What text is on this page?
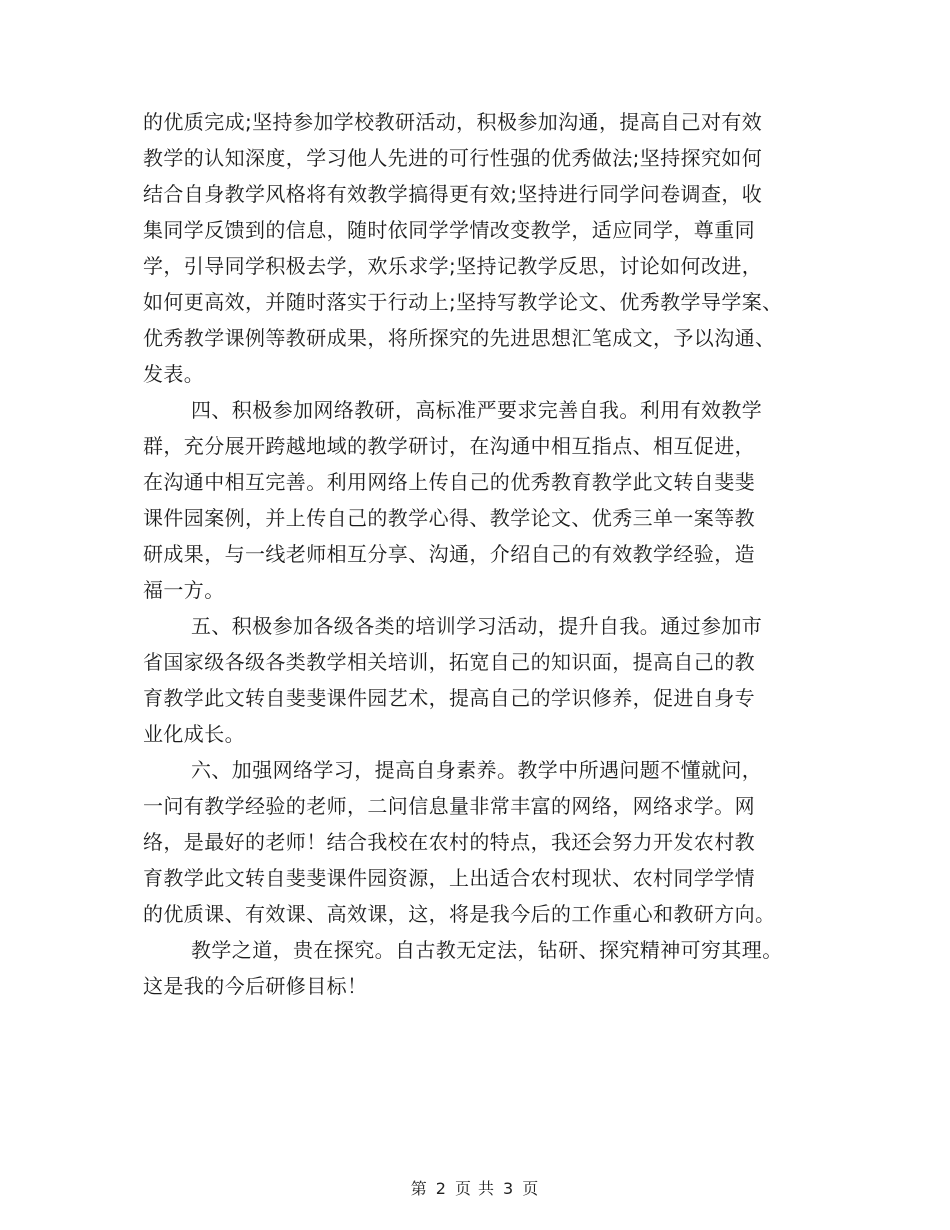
的优质完成;坚持参加学校教研活动，积极参加沟通，提高自己对有效
教学的认知深度，学习他人先进的可行性强的优秀做法;坚持探究如何
结合自身教学风格将有效教学搞得更有效;坚持进行同学问卷调查，收
集同学反馈到的信息，随时依同学学情改变教学，适应同学，尊重同
学，引导同学积极去学，欢乐求学;坚持记教学反思，讨论如何改进，
如何更高效，并随时落实于行动上;坚持写教学论文、优秀教学导学案、
优秀教学课例等教研成果，将所探究的先进思想汇笔成文，予以沟通、
发表。
四、积极参加网络教研，高标准严要求完善自我。利用有效教学
群，充分展开跨越地域的教学研讨，在沟通中相互指点、相互促进，
在沟通中相互完善。利用网络上传自己的优秀教育教学此文转自斐斐
课件园案例，并上传自己的教学心得、教学论文、优秀三单一案等教
研成果，与一线老师相互分享、沟通，介绍自己的有效教学经验，造
福一方。
五、积极参加各级各类的培训学习活动，提升自我。通过参加市
省国家级各级各类教学相关培训，拓宽自己的知识面，提高自己的教
育教学此文转自斐斐课件园艺术，提高自己的学识修养，促进自身专
业化成长。
六、加强网络学习，提高自身素养。教学中所遇问题不懂就问，
一问有教学经验的老师，二问信息量非常丰富的网络，网络求学。网
络，是最好的老师！结合我校在农村的特点，我还会努力开发农村教
育教学此文转自斐斐课件园资源，上出适合农村现状、农村同学学情
的优质课、有效课、高效课，这，将是我今后的工作重心和教研方向。
教学之道，贵在探究。自古教无定法，钻研、探究精神可穷其理。
这是我的今后研修目标！
第 2 页 共 3 页
